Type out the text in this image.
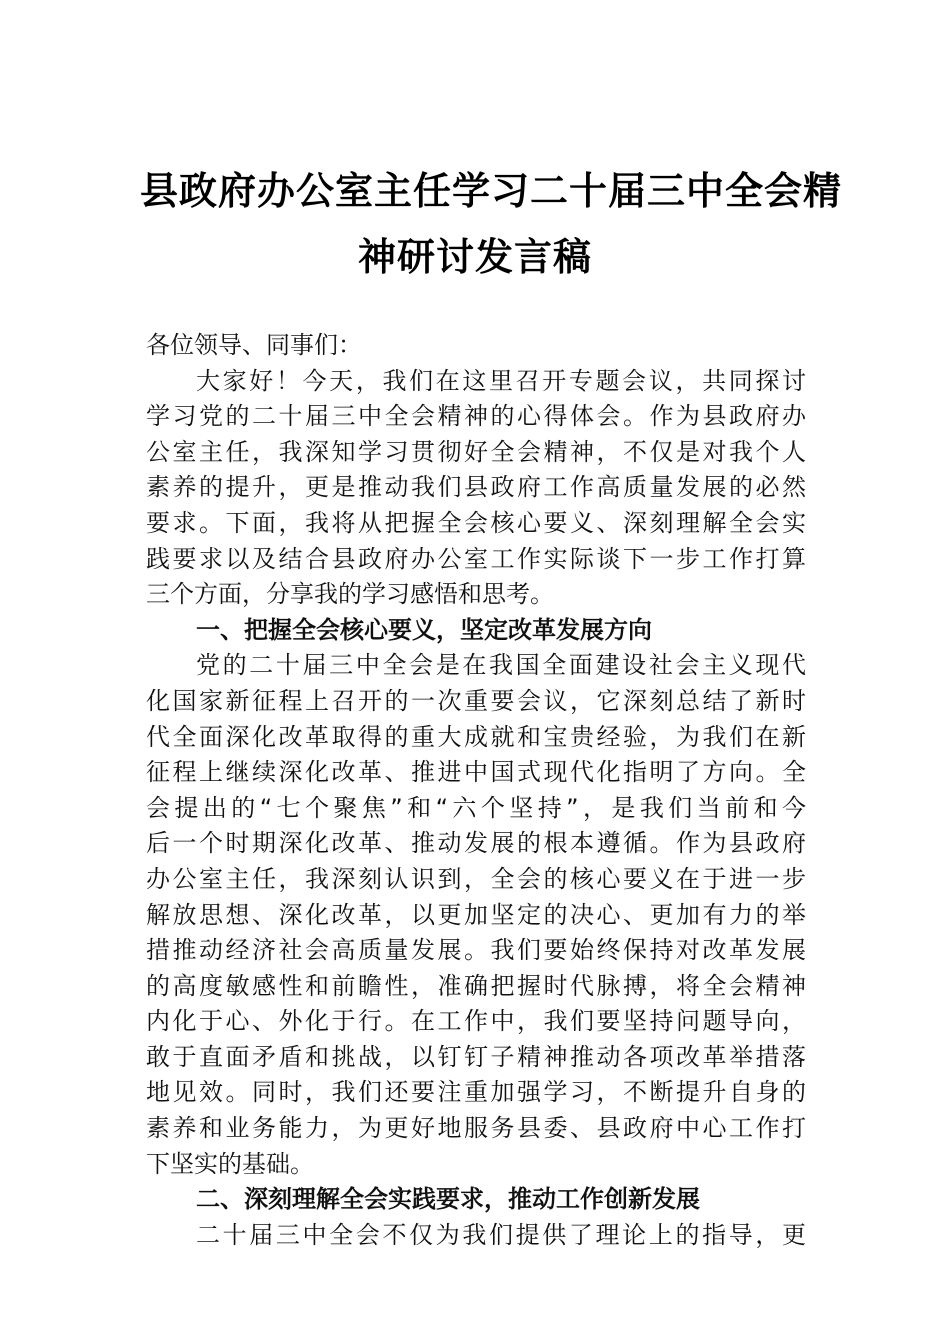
县政府办公室主任学习二十届三中全会精
神研讨发言稿
各位领导、同事们：
大家好！今天，我们在这里召开专题会议，共同探讨
学习党的二十届三中全会精神的心得体会。作为县政府办
公室主任，我深知学习贯彻好全会精神，不仅是对我个人
素养的提升，更是推动我们县政府工作高质量发展的必然
要求。下面，我将从把握全会核心要义、深刻理解全会实
践要求以及结合县政府办公室工作实际谈下一步工作打算
三个方面，分享我的学习感悟和思考。
一、把握全会核心要义，坚定改革发展方向
党的二十届三中全会是在我国全面建设社会主义现代
化国家新征程上召开的一次重要会议，它深刻总结了新时
代全面深化改革取得的重大成就和宝贵经验，为我们在新
征程上继续深化改革、推进中国式现代化指明了方向。全
会提出的“七个聚焦”和“六个坚持”，是我们当前和今
后一个时期深化改革、推动发展的根本遵循。作为县政府
办公室主任，我深刻认识到，全会的核心要义在于进一步
解放思想、深化改革，以更加坚定的决心、更加有力的举
措推动经济社会高质量发展。我们要始终保持对改革发展
的高度敏感性和前瞻性，准确把握时代脉搏，将全会精神
内化于心、外化于行。在工作中，我们要坚持问题导向，
敢于直面矛盾和挑战，以钉钉子精神推动各项改革举措落
地见效。同时，我们还要注重加强学习，不断提升自身的
素养和业务能力，为更好地服务县委、县政府中心工作打
下坚实的基础。
二、深刻理解全会实践要求，推动工作创新发展
二十届三中全会不仅为我们提供了理论上的指导，更
